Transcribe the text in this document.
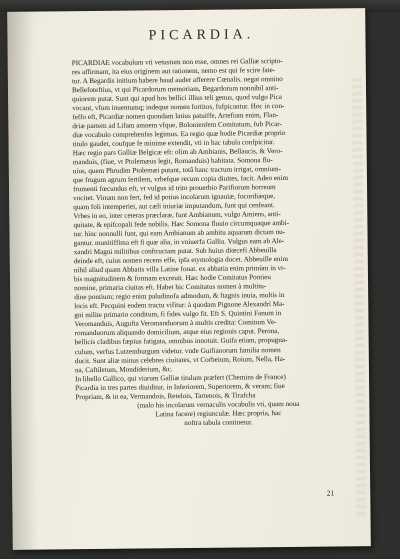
PICARDIA.
PICARDIAE vocabulum vti vetustum non esse, omnes rei Galliæ scripto-
res affirmant, ita eius originem aut rationem, nemo est qui fe scire fate-
tur. A Begardis initium habere haud auder afferere Cœnalis. negat omnino
Bellefoteftius, vt qui Picardorum memoriam, Begardorum nonnihil anti-
quiorem putat. Sunt qui apud hos bellici illius teli genus, quod vulgo Pica
vocant, vfum inuentumq; indeque nomen fortitos, fufpicantur. Hoc in con-
feffo eft, Picardiæ nomen quondam latius patuiffe, Artefiam enim, Flan-
driæ partem ad Lifam amnem vfque, Bolonienfem Comitatum, fub Picar-
diæ vocabulo comprehenfas legimus. Ea regio quæ hodie Picardiæ proprio
titulo gaudet, coufque fe minime extendit, vti in hac tabula confpicitur.
Hæc regio pars Galliæ Belgicæ eft: olim ab Ambianis, Bellaucis, & Vero-
manduis, (fiue, vt Ptolemæus legit, Romanduis) habitata. Somona flu-
uius, quem Phrudim Ptolemæi putant, totâ hanc tractum irrigat, omnium-
que frugum agrum fertilem, vrbefque recum copia diuites, facit. Adeo enim
frumenti fœcundus eft, vt vulgus id trito prouerbio Parifiorum horreum
vocitet. Vinum non fert, fed id potius incolarum ignauiæ, focordiæque,
quam foli intemperiei, aut cæli iniuriæ imputandum, funt qui cenfeant.
Vrbes in eo, inter ceteras præclaræ, funt Ambianum, vulgo Amiens, anti-
quitate, & epifcopali fede nobilis. Hæc Somona fluuio circumquaque ambi-
tur. hinc nonnulli funt, qui eam Ambianum ab ambitu aquarum dictam nu-
gantur. munitiffima eft fi quæ alia, in vniuerfa Gallia. Vulgus eam ab Ale-
xandri Magni militibus conftructam putat. Sub huius diœcefi Abbeuilla
deinde eft, cuius nomen recens effe, ipfa etymologia docet. Abbeuille enim
nihil aliud quam Abbatis villa Latine fonat. ex abbatia enim primùm in vr-
bis magnitudinem & formam excreuit. Hæc hodie Comitatus Pontieu
nomine, primaria ciuitas eft. Habet hic Comitatus nomen à multitu-
dine pontium; regio enim paludinofa admodum, & ftagnis inuia, multis in
locis eft. Pecquini eodem tractu vifitur: à quodam Pignone Alexandri Ma-
gni milite primario conditum, fi fides vulgo fit. Eft S. Quintini Fanum in
Veromanduis, Augufta Veromanduorum à multis credita: Comitum Ve-
romanduorum aliquando domicilium, atque eius regionis caput. Perona,
bellicis cladibus fæpius fatigata, omnibus innotuit. Guifa etiam, propugna-
culum, verfus Lutzemburgum videtur. vnde Guifianorum familia nomen
ducit. Sunt aliæ minus celebres ciuitates, vt Corbeium, Roium, Nella, Ha-
na, Caftiletum, Mondiderium, &c.
In libello Gallico, qui viarum Galliæ titulum præfert (Chemins de France)
Picardia in tres partes diuiditur, in Inferiorem, Superiorem, & veram; fiue
Propriam, & in ea, Vermandois, Retelois, Tartenois, & Tirafcha
(malo his incolarum vernaculis vocabulis vti, quam noua
Latina facere) regiunculæ. Hæc propria, hac
noftra tabula continetur.
21
